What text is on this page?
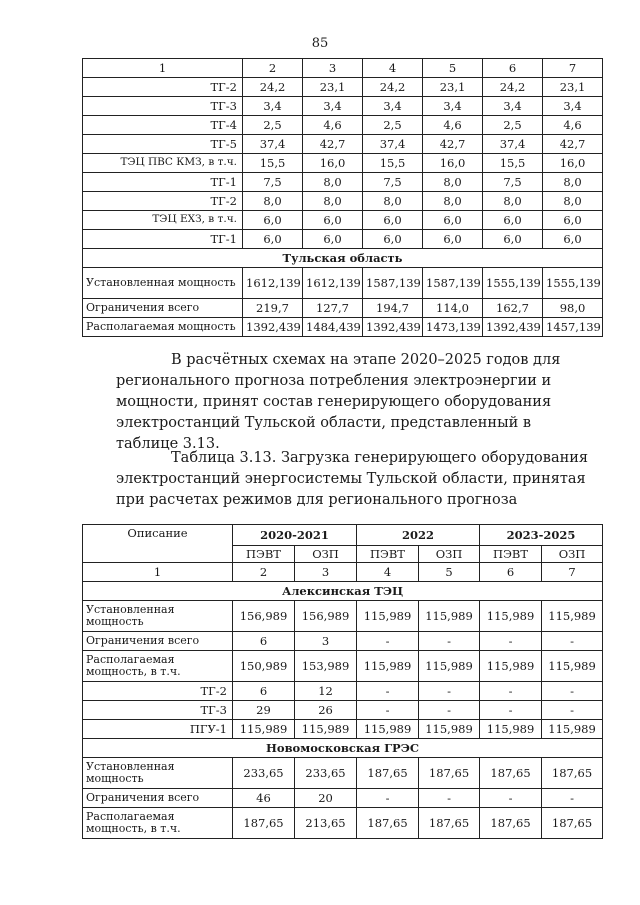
85
1	2	3	4	5	6	7
ТГ-2	24,2	23,1	24,2	23,1	24,2	23,1
ТГ-3	3,4	3,4	3,4	3,4	3,4	3,4
ТГ-4	2,5	4,6	2,5	4,6	2,5	4,6
ТГ-5	37,4	42,7	37,4	42,7	37,4	42,7
ТЭЦ ПВС КМЗ, в т.ч.	15,5	16,0	15,5	16,0	15,5	16,0
ТГ-1	7,5	8,0	7,5	8,0	7,5	8,0
ТГ-2	8,0	8,0	8,0	8,0	8,0	8,0
ТЭЦ ЕХЗ, в т.ч.	6,0	6,0	6,0	6,0	6,0	6,0
ТГ-1	6,0	6,0	6,0	6,0	6,0	6,0
Тульская область						
Установленная мощность	1612,139	1612,139	1587,139	1587,139	1555,139	1555,139
Ограничения всего	219,7	127,7	194,7	114,0	162,7	98,0
Располагаемая мощность	1392,439	1484,439	1392,439	1473,139	1392,439	1457,139
В расчётных схемах на этапе 2020–2025 годов для регионального прогноза потребления электроэнергии и мощности, принят состав генерирующего оборудования электростанций Тульской области, представленный в таблице 3.13.
Таблица 3.13. Загрузка генерирующего оборудования электростанций энергосистемы Тульской области, принятая при расчетах режимов для регионального прогноза
Описание	2020-2021		2022		2023-2025	
	ПЭВТ	ОЗП	ПЭВТ	ОЗП	ПЭВТ	ОЗП
1	2	3	4	5	6	7
Алексинская ТЭЦ						
Установленная мощность	156,989	156,989	115,989	115,989	115,989	115,989
Ограничения всего	6	3	-	-	-	-
Располагаемая мощность, в т.ч.	150,989	153,989	115,989	115,989	115,989	115,989
ТГ-2	6	12	-	-	-	-
ТГ-3	29	26	-	-	-	-
ПГУ-1	115,989	115,989	115,989	115,989	115,989	115,989
Новомосковская ГРЭС						
Установленная мощность	233,65	233,65	187,65	187,65	187,65	187,65
Ограничения всего	46	20	-	-	-	-
Располагаемая мощность, в т.ч.	187,65	213,65	187,65	187,65	187,65	187,65
